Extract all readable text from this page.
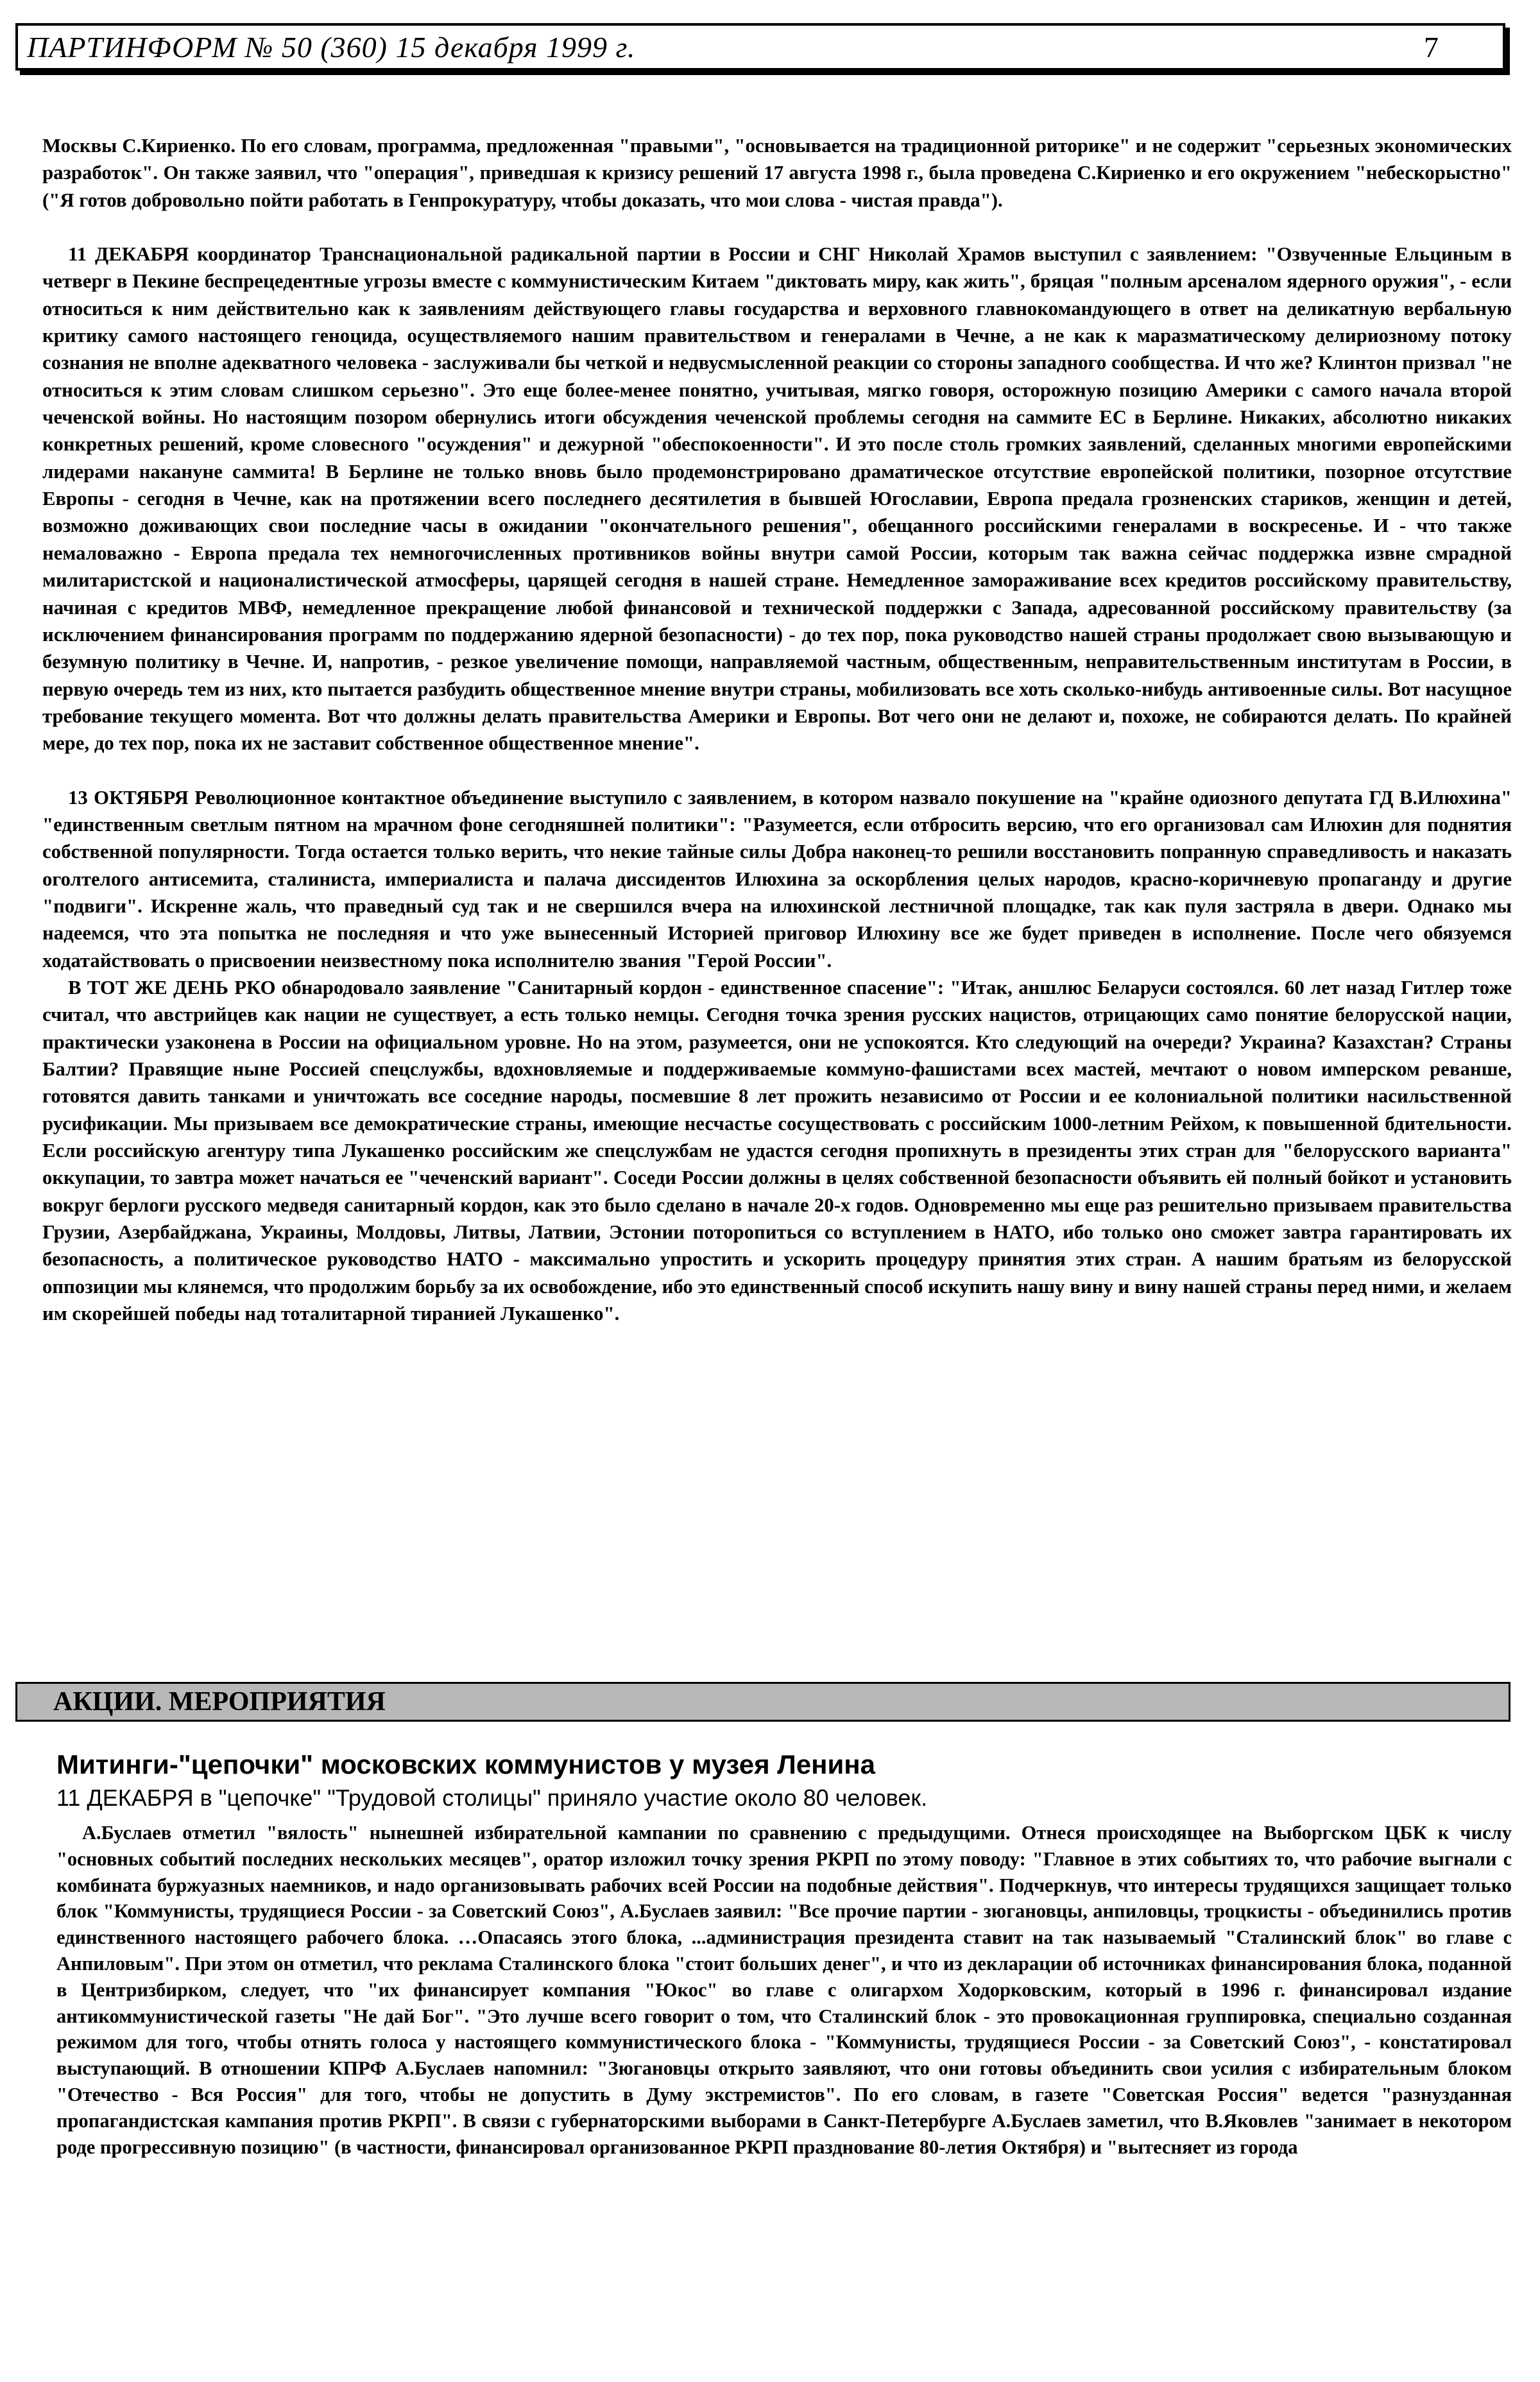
ПАРТИНФОРМ № 50 (360) 15 декабря 1999 г.	7

Москвы С.Кириенко. По его словам, программа, предложенная "правыми", "основывается на традиционной риторике" и не содержит "серьезных экономических разработок". Он также заявил, что "операция", приведшая к кризису решений 17 августа 1998 г., была проведена С.Кириенко и его окружением "небескорыстно" ("Я готов добровольно пойти работать в Генпрокуратуру, чтобы доказать, что мои слова - чистая правда").

11 ДЕКАБРЯ координатор Транснациональной радикальной партии в России и СНГ Николай Храмов выступил с заявлением: "Озвученные Ельциным в четверг в Пекине беспрецедентные угрозы вместе с коммунистическим Китаем "диктовать миру, как жить", бряцая "полным арсеналом ядерного оружия", - если относиться к ним действительно как к заявлениям действующего главы государства и верховного главнокомандующего в ответ на деликатную вербальную критику самого настоящего геноцида, осуществляемого нашим правительством и генералами в Чечне, а не как к маразматическому делириозному потоку сознания не вполне адекватного человека - заслуживали бы четкой и недвусмысленной реакции со стороны западного сообщества. И что же? Клинтон призвал "не относиться к этим словам слишком серьезно". Это еще более-менее понятно, учитывая, мягко говоря, осторожную позицию Америки с самого начала второй чеченской войны. Но настоящим позором обернулись итоги обсуждения чеченской проблемы сегодня на саммите ЕС в Берлине. Никаких, абсолютно никаких конкретных решений, кроме словесного "осуждения" и дежурной "обеспокоенности". И это после столь громких заявлений, сделанных многими европейскими лидерами накануне саммита! В Берлине не только вновь было продемонстрировано драматическое отсутствие европейской политики, позорное отсутствие Европы - сегодня в Чечне, как на протяжении всего последнего десятилетия в бывшей Югославии, Европа предала грозненских стариков, женщин и детей, возможно доживающих свои последние часы в ожидании "окончательного решения", обещанного российскими генералами в воскресенье. И - что также немаловажно - Европа предала тех немногочисленных противников войны внутри самой России, которым так важна сейчас поддержка извне смрадной милитаристской и националистической атмосферы, царящей сегодня в нашей стране. Немедленное замораживание всех кредитов российскому правительству, начиная с кредитов МВФ, немедленное прекращение любой финансовой и технической поддержки с Запада, адресованной российскому правительству (за исключением финансирования программ по поддержанию ядерной безопасности) - до тех пор, пока руководство нашей страны продолжает свою вызывающую и безумную политику в Чечне. И, напротив, - резкое увеличение помощи, направляемой частным, общественным, неправительственным институтам в России, в первую очередь тем из них, кто пытается разбудить общественное мнение внутри страны, мобилизовать все хоть сколько-нибудь антивоенные силы. Вот насущное требование текущего момента. Вот что должны делать правительства Америки и Европы. Вот чего они не делают и, похоже, не собираются делать. По крайней мере, до тех пор, пока их не заставит собственное общественное мнение".

13 ОКТЯБРЯ Революционное контактное объединение выступило с заявлением, в котором назвало покушение на "крайне одиозного депутата ГД В.Илюхина" "единственным светлым пятном на мрачном фоне сегодняшней политики": "Разумеется, если отбросить версию, что его организовал сам Илюхин для поднятия собственной популярности. Тогда остается только верить, что некие тайные силы Добра наконец-то решили восстановить попранную справедливость и наказать оголтелого антисемита, сталиниста, империалиста и палача диссидентов Илюхина за оскорбления целых народов, красно-коричневую пропаганду и другие "подвиги". Искренне жаль, что праведный суд так и не свершился вчера на илюхинской лестничной площадке, так как пуля застряла в двери. Однако мы надеемся, что эта попытка не последняя и что уже вынесенный Историей приговор Илюхину все же будет приведен в исполнение. После чего обязуемся ходатайствовать о присвоении неизвестному пока исполнителю звания "Герой России".

В ТОТ ЖЕ ДЕНЬ РКО обнародовало заявление "Санитарный кордон - единственное спасение": "Итак, аншлюс Беларуси состоялся. 60 лет назад Гитлер тоже считал, что австрийцев как нации не существует, а есть только немцы. Сегодня точка зрения русских нацистов, отрицающих само понятие белорусской нации, практически узаконена в России на официальном уровне. Но на этом, разумеется, они не успокоятся. Кто следующий на очереди? Украина? Казахстан? Страны Балтии? Правящие ныне Россией спецслужбы, вдохновляемые и поддерживаемые коммуно-фашистами всех мастей, мечтают о новом имперском реванше, готовятся давить танками и уничтожать все соседние народы, посмевшие 8 лет прожить независимо от России и ее колониальной политики насильственной русификации. Мы призываем все демократические страны, имеющие несчастье сосуществовать с российским 1000-летним Рейхом, к повышенной бдительности. Если российскую агентуру типа Лукашенко российским же спецслужбам не удастся сегодня пропихнуть в президенты этих стран для "белорусского варианта" оккупации, то завтра может начаться ее "чеченский вариант". Соседи России должны в целях собственной безопасности объявить ей полный бойкот и установить вокруг берлоги русского медведя санитарный кордон, как это было сделано в начале 20-х годов. Одновременно мы еще раз решительно призываем правительства Грузии, Азербайджана, Украины, Молдовы, Литвы, Латвии, Эстонии поторопиться со вступлением в НАТО, ибо только оно сможет завтра гарантировать их безопасность, а политическое руководство НАТО - максимально упростить и ускорить процедуру принятия этих стран. А нашим братьям из белорусской оппозиции мы клянемся, что продолжим борьбу за их освобождение, ибо это единственный способ искупить нашу вину и вину нашей страны перед ними, и желаем им скорейшей победы над тоталитарной тиранией Лукашенко".

АКЦИИ. МЕРОПРИЯТИЯ
Митинги-"цепочки" московских коммунистов у музея Ленина
11 ДЕКАБРЯ в "цепочке" "Трудовой столицы" приняло участие около 80 человек.

А.Буслаев отметил "вялость" нынешней избирательной кампании по сравнению с предыдущими. Отнеся происходящее на Выборгском ЦБК к числу "основных событий последних нескольких месяцев", оратор изложил точку зрения РКРП по этому поводу: "Главное в этих событиях то, что рабочие выгнали с комбината буржуазных наемников, и надо организовывать рабочих всей России на подобные действия". Подчеркнув, что интересы трудящихся защищает только блок "Коммунисты, трудящиеся России - за Советский Союз", А.Буслаев заявил: "Все прочие партии - зюгановцы, анпиловцы, троцкисты - объединились против единственного настоящего рабочего блока. …Опасаясь этого блока, ...администрация президента ставит на так называемый "Сталинский блок" во главе с Анпиловым". При этом он отметил, что реклама Сталинского блока "стоит больших денег", и что из декларации об источниках финансирования блока, поданной в Центризбирком, следует, что "их финансирует компания "Юкос" во главе с олигархом Ходорковским, который в 1996 г. финансировал издание антикоммунистической газеты "Не дай Бог". "Это лучше всего говорит о том, что Сталинский блок - это провокационная группировка, специально созданная режимом для того, чтобы отнять голоса у настоящего коммунистического блока - "Коммунисты, трудящиеся России - за Советский Союз", - констатировал выступающий. В отношении КПРФ А.Буслаев напомнил: "Зюгановцы открыто заявляют, что они готовы объединить свои усилия с избирательным блоком "Отечество - Вся Россия" для того, чтобы не допустить в Думу экстремистов". По его словам, в газете "Советская Россия" ведется "разнузданная пропагандистская кампания против РКРП". В связи с губернаторскими выборами в Санкт-Петербурге А.Буслаев заметил, что В.Яковлев "занимает в некотором роде прогрессивную позицию" (в частности, финансировал организованное РКРП празднование 80-летия Октября) и "вытесняет из города
